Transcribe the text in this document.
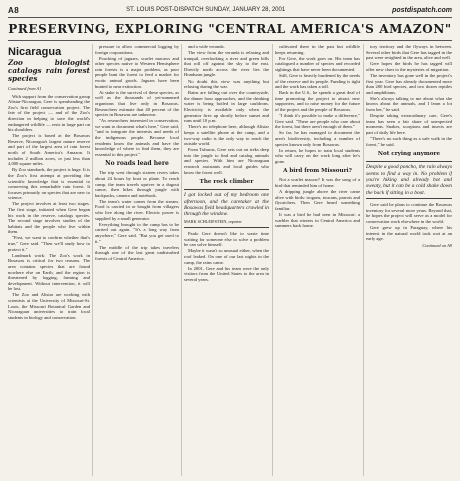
A8	ST. LOUIS POST-DISPATCH SUNDAY, JANUARY 28, 2001	postdispatch.com
PRESERVING, EXPLORING "CENTRAL AMERICA'S AMAZON"
Nicaragua
Zoo biologist catalogs rain forest species
Continued from A1

With support from the conservation group Alistar-Nicaragua, Gere is spearheading the Zoo's first field conservation project. The fate of the project — and of the Zoo's direction in helping to save the world's endangered wildlife — rests in large part on his shoulders.

The project is based at the Bosawas Reserve, Nicaragua's largest nature reserve and part of the largest area of rain forest north of South America's Amazon. It includes 2 million acres, or just less than 4,000 square miles.

By Zoo standards, the project is huge. It is the Zoo's first attempt at providing the scientific knowledge that is essential to conserving this remarkable rain forest. It focuses primarily on species that are new to science.

The project involves at least two stages. The first stage, initiated when Gere began his work in the reserve, catalogs species. The second stage involves studies of the habitats and the people who live within them.

"First, we want to confirm whether that's true," Gere said. "Then we'll study how to protect it."

Landmark work: The Zoo's work in Bosawas is critical for two reasons. The area contains species that are found nowhere else on Earth, and the region is threatened by logging, farming and development. Without intervention, it will be lost.

The Zoo and Alistar are working with scientists at the University of Missouri-St. Louis, the Missouri Botanical Garden and Nicaraguan universities to train local students in biology and conservation.

pressure to allow commercial logging by foreign corporations.

Poaching of jaguars, scarlet macaws and other species native to Western Hemisphere rain forests is a major problem, as poor people hunt the forest to feed a market for exotic animal goods. Jaguars have been hunted to near extinction.

At stake is the survival of these species, as well as the thousands of yet-unnamed organisms that live only in Bosawas. Researchers estimate that 40 percent of the species in Bosawas are unknown.

"As researchers interested in conservation, we want to document what's here," Gere said, "and to integrate the interests and needs of the indigenous people. Because local residents know the animals and have the knowledge of where to find them, they are essential to this project."

No roads lead here

The trip west through sixteen rivers takes about 24 hours by boat or plane. To reach camp, the team travels upriver in a dugout canoe, then hikes through jungle with backpacks, camera and notebook.

The team's water comes from the stream. Food is carried in or bought from villagers who live along the river. Electric power is supplied by a small generator.

Everything brought to the camp has to be carried out again. "It's a long way from anywhere," Gere said. "But you get used to it."

The middle of the trip takes travelers through one of the last great undisturbed forests of Central America.

and a wide veranda.

The view from the veranda is relaxing and tranquil, overlooking a river and green hills that roll off against the sky to the east. Directly north across the river lies the Honduran jungle.

No doubt this view was anything but relaxing during the war.

Rains are falling out over the countryside, the dinner hour approaches, and the drinking water is being boiled in large cauldrons. Electricity is available only when the generator fires up shortly before sunset and runs until 10 p.m.

There's no telephone here, although Alistar keeps a satellite phone at the camp, and a two-way radio is the only way to reach the outside world.

From Tuburus, Gere sets out on treks deep into the jungle to find and catalog animals and species. With him are Nicaraguan research assistants and local guides who know the forest well.

The rock climber
I got locked out of my bedroom one afternoon, and the caretaker at the Bosawas field headquarters crawled in through the window.
MARK SCHLEIFSTEIN, reporter

Paulo Gere doesn't like to waste time waiting for someone else to solve a problem he can solve himself.

Maybe it wasn't so unusual either, when the roof leaked. On one of our last nights in the camp, the rains came.

In 2001, Gere and his team were the only visitors from the United States to the area in several years.

cultivated there in the past but wildlife keeps returning.

For Gere, the work goes on. His team has catalogued a number of species and recorded sightings that have never been documented.

Still, Gere is heavily burdened by the needs of the reserve and its people. Funding is tight and the work has taken a toll.

Back in the U.S., he spends a great deal of time promoting the project to attract new supporters, and to raise money for the future of the project and the people of Bosawas.

"I think it's possible to make a difference," Gere said. "There are people who care about the forest, but there aren't enough of them."

So far, he has managed to document the area's biodiversity, including a number of species known only from Bosawas.

In return, he hopes to train local students who will carry on the work long after he's gone.

A bird from Missouri?

Not a scarlet macaw? It was the song of a bird that reminded him of home.

A dripping jungle above the river came alive with birds: trogons, toucans, parrots and flycatchers. Then Gere heard something familiar.

It was a bird he had seen in Missouri: a warbler that winters in Central America and summers back home.

tory territory and the flyways in between. Several other birds that Gere has tagged in the past were resighted in the area, alive and well.

Gere hopes the birds he has tagged will offer new clues to the mysteries of migration.

The inventory has gone well in the project's first year. Gere has already documented more than 200 bird species, and two dozen reptiles and amphibians.

She's always talking to me about what she knows about the animals, and I learn a lot from her," he said.

Despite taking extraordinary care, Gere's team has seen a fair share of unexpected moments. Snakes, scorpions and insects are part of daily life here.

"There's no such thing as a safe walk in the forest," he said.

Not crying anymore
Despite a good poncho, the rain always seems to find a way in. No problem if you're hiking and already hot and sweaty, but it can be a cold shake down the back if sitting in a boat.

Gere said he plans to continue the Bosawas inventory for several more years. Beyond that, he hopes the project will serve as a model for conservation work elsewhere in the world.

Gere grew up in Paraguay, where his interest in the natural world took root at an early age.

Continued on A9
